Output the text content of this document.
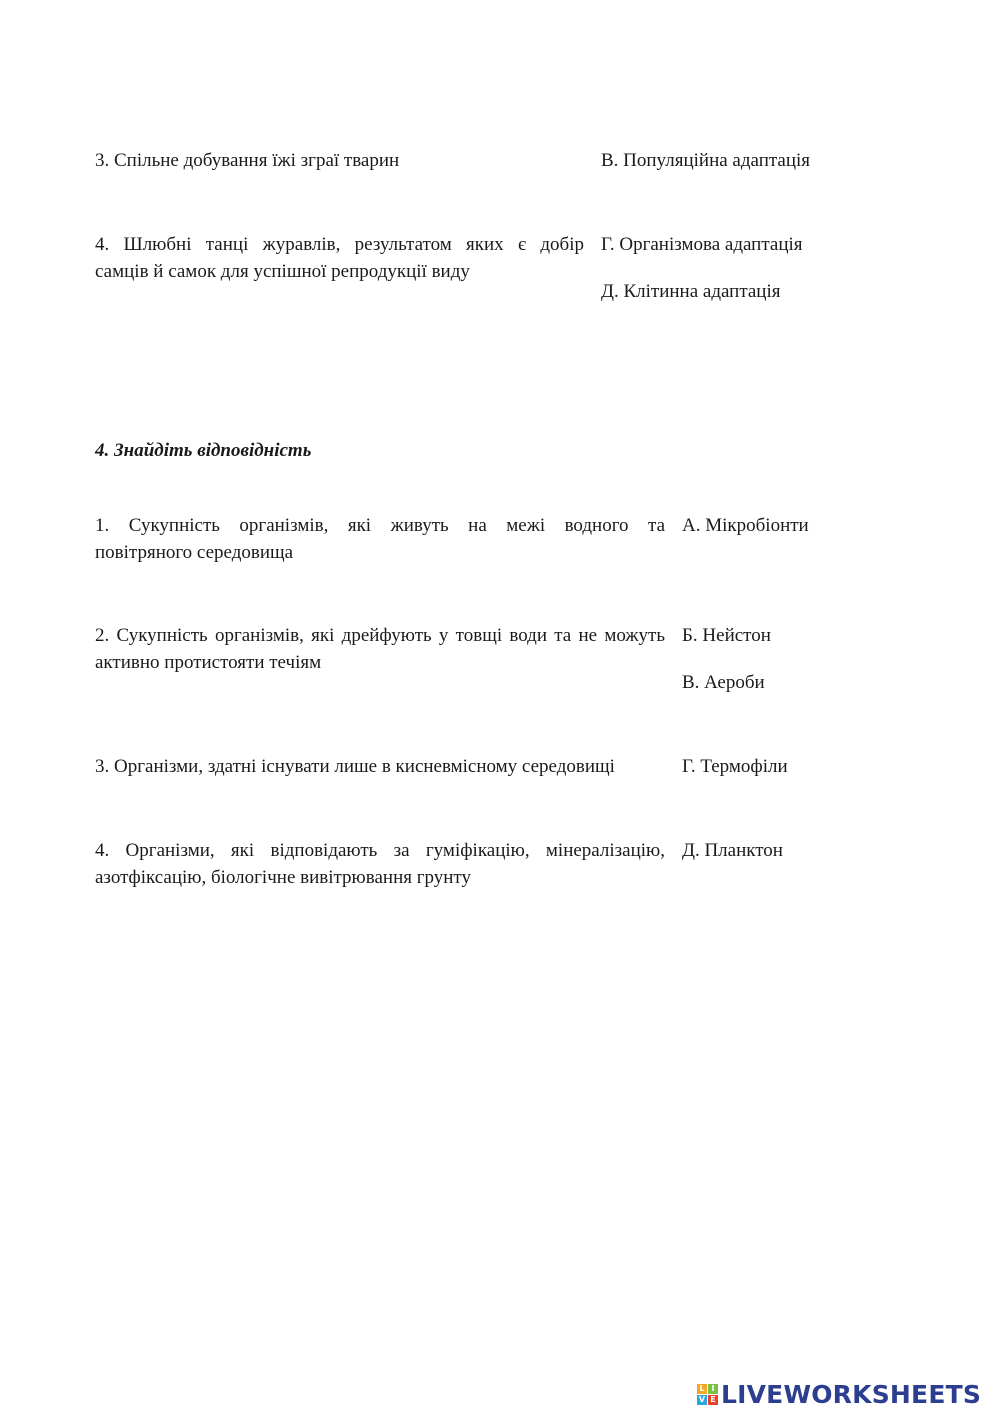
3. Спільне добування їжі зграї тварин	В. Популяційна адаптація
4. Шлюбні танці журавлів, результатом яких є добір
самців й самок для успішної репродукції виду
Г. Організмова адаптація
Д. Клітинна адаптація
4. Знайдіть відповідність
1. Сукупність організмів, які живуть на межі водного та
повітряного середовища
А. Мікробіонти
2. Сукупність організмів, які дрейфують у товщі води та не можуть
активно протистояти течіям
Б. Нейстон
В. Аероби
3. Організми, здатні існувати лише в кисневмісному середовищі	Г. Термофіли
4. Організми, які відповідають за гуміфікацію, мінералізацію,
азотфіксацію, біологічне вивітрювання грунту
Д. Планктон
L I
V E LIVEWORKSHEETS
